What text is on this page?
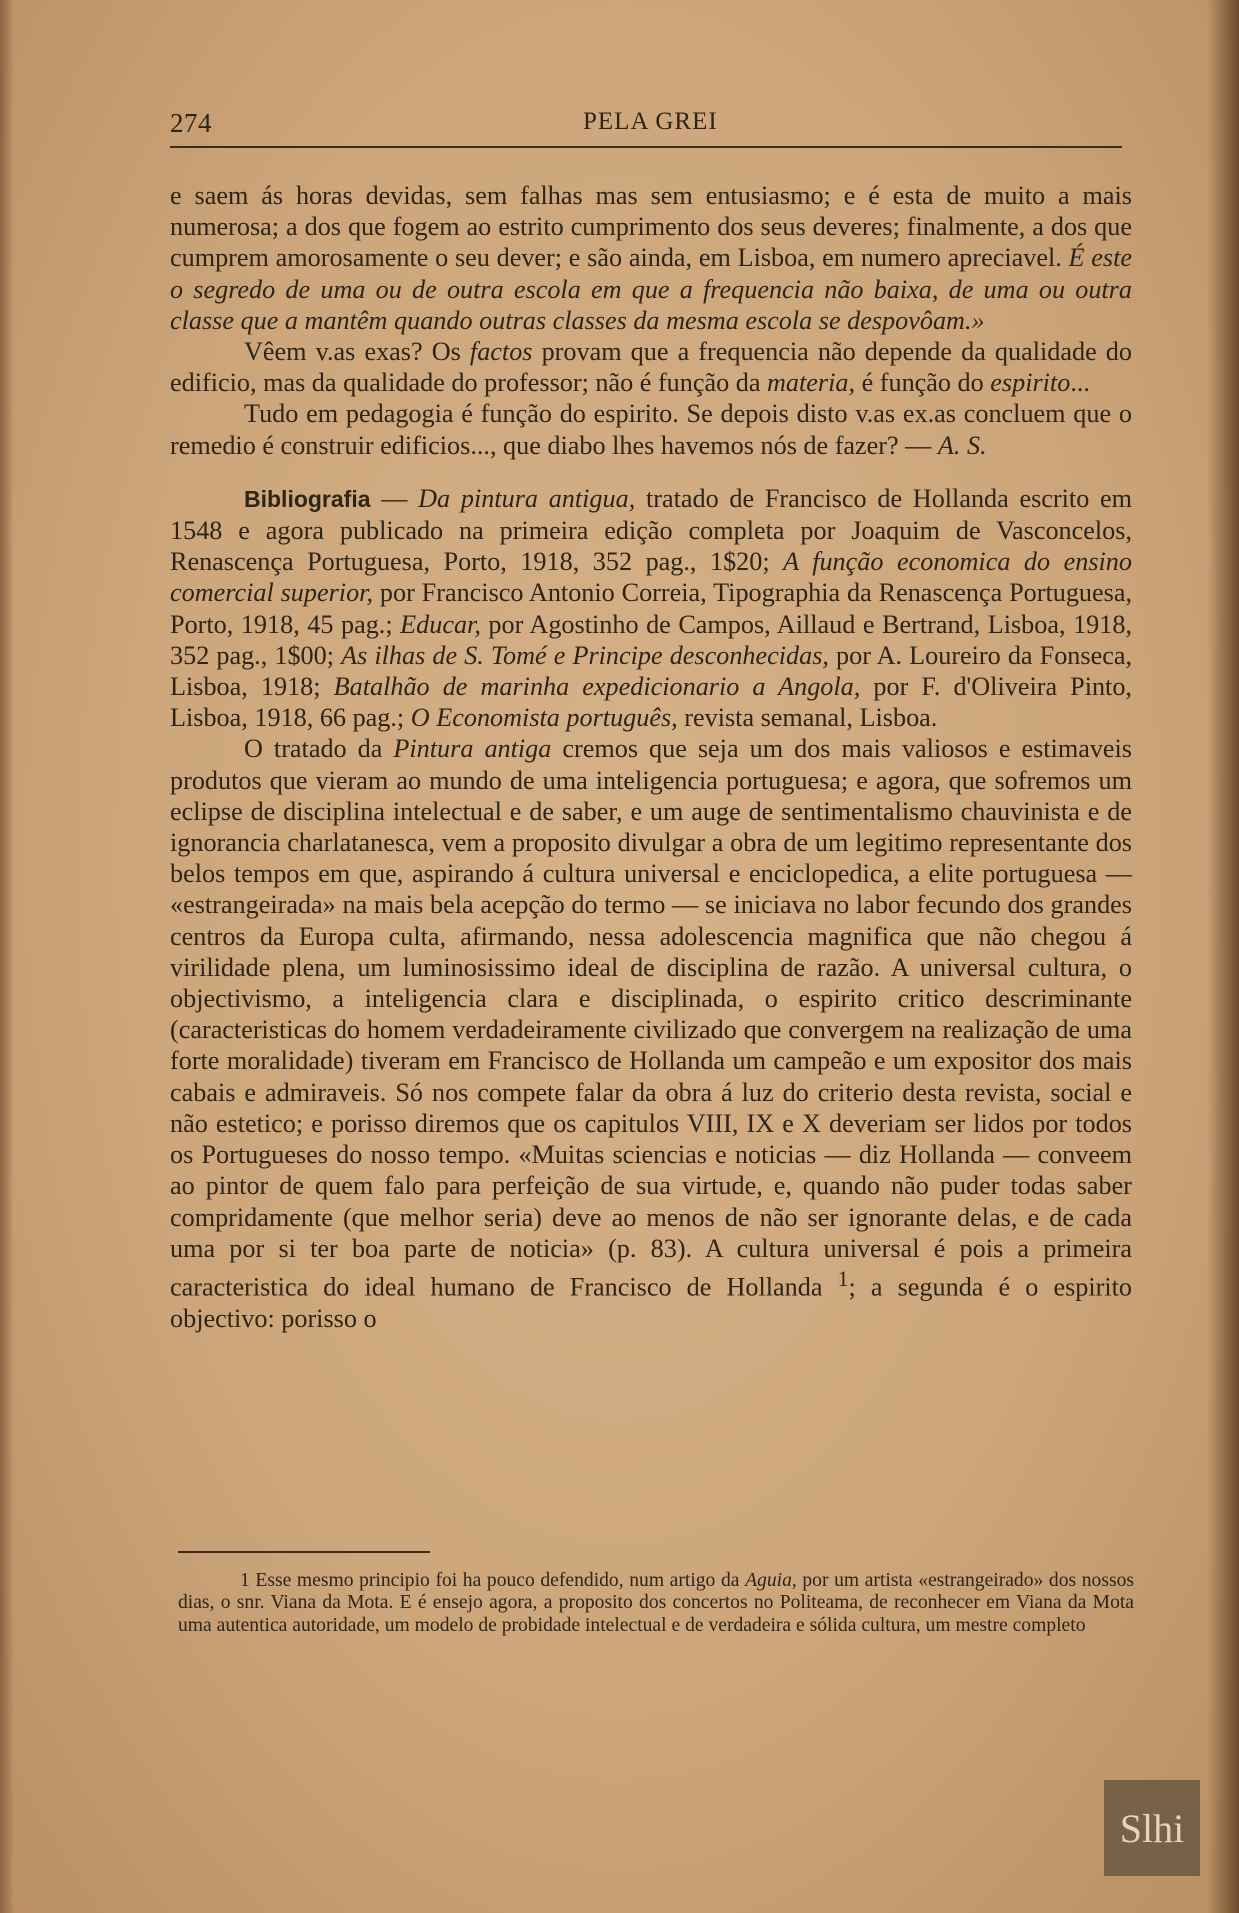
274	PELA GREI

e saem ás horas devidas, sem falhas mas sem entusiasmo; e é esta de muito a mais numerosa; a dos que fogem ao estrito cumprimento dos seus deveres; finalmente, a dos que cumprem amorosamente o seu dever; e são ainda, em Lisboa, em numero apreciavel. É este o segredo de uma ou de outra escola em que a frequencia não baixa, de uma ou outra classe que a mantêm quando outras classes da mesma escola se despovôam.»

Vêem v.as exas? Os factos provam que a frequencia não depende da qualidade do edificio, mas da qualidade do professor; não é função da materia, é função do espirito...

Tudo em pedagogia é função do espirito. Se depois disto v.as ex.as concluem que o remedio é construir edificios..., que diabo lhes havemos nós de fazer? — A. S.

Bibliografia — Da pintura antigua, tratado de Francisco de Hollanda escrito em 1548 e agora publicado na primeira edição completa por Joaquim de Vasconcelos, Renascença Portuguesa, Porto, 1918, 352 pag., 1$20; A função economica do ensino comercial superior, por Francisco Antonio Correia, Tipographia da Renascença Portuguesa, Porto, 1918, 45 pag.; Educar, por Agostinho de Campos, Aillaud e Bertrand, Lisboa, 1918, 352 pag., 1$00; As ilhas de S. Tomé e Principe desconhecidas, por A. Loureiro da Fonseca, Lisboa, 1918; Batalhão de marinha expedicionario a Angola, por F. d'Oliveira Pinto, Lisboa, 1918, 66 pag.; O Economista português, revista semanal, Lisboa.

O tratado da Pintura antiga cremos que seja um dos mais valiosos e estimaveis produtos que vieram ao mundo de uma inteligencia portuguesa; e agora, que sofremos um eclipse de disciplina intelectual e de saber, e um auge de sentimentalismo chauvinista e de ignorancia charlatanesca, vem a proposito divulgar a obra de um legitimo representante dos belos tempos em que, aspirando á cultura universal e enciclopedica, a elite portuguesa — «estrangeirada» na mais bela acepção do termo — se iniciava no labor fecundo dos grandes centros da Europa culta, afirmando, nessa adolescencia magnifica que não chegou á virilidade plena, um luminosissimo ideal de disciplina de razão. A universal cultura, o objectivismo, a inteligencia clara e disciplinada, o espirito critico descriminante (caracteristicas do homem verdadeiramente civilizado que convergem na realização de uma forte moralidade) tiveram em Francisco de Hollanda um campeão e um expositor dos mais cabais e admiraveis. Só nos compete falar da obra á luz do criterio desta revista, social e não estetico; e porisso diremos que os capitulos VIII, IX e X deveriam ser lidos por todos os Portugueses do nosso tempo. «Muitas sciencias e noticias — diz Hollanda — conveem ao pintor de quem falo para perfeição de sua virtude, e, quando não puder todas saber compridamente (que melhor seria) deve ao menos de não ser ignorante delas, e de cada uma por si ter boa parte de noticia» (p. 83). A cultura universal é pois a primeira caracteristica do ideal humano de Francisco de Hollanda $^1$; a segunda é o espirito objectivo: porisso o

1 Esse mesmo principio foi ha pouco defendido, num artigo da Aguia, por um artista «estrangeirado» dos nossos dias, o snr. Viana da Mota. E é ensejo agora, a proposito dos concertos no Politeama, de reconhecer em Viana da Mota uma autentica autoridade, um modelo de probidade intelectual e de verdadeira e sólida cultura, um mestre completo

Slhi
